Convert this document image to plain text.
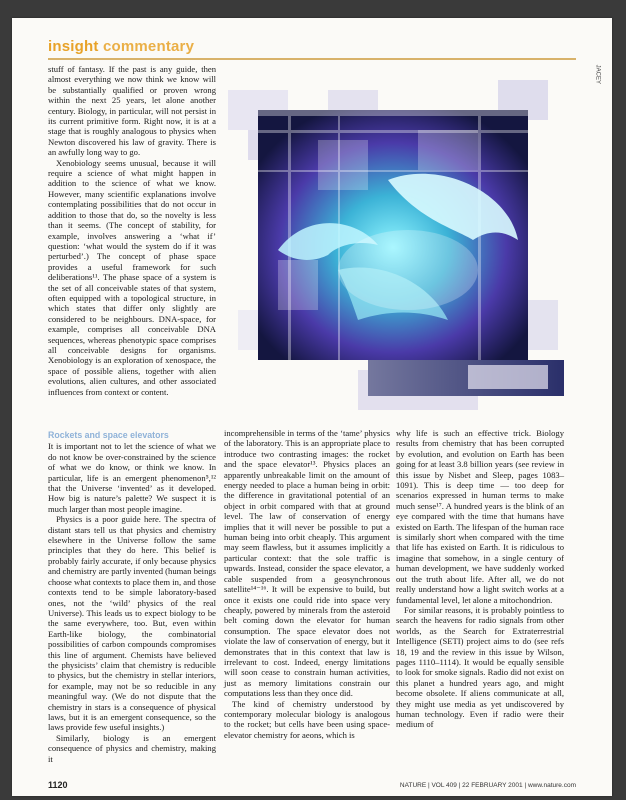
insight commentary
JACEY

stuff of fantasy. If the past is any guide, then almost everything we now think we know will be substantially qualified or proven wrong within the next 25 years, let alone another century. Biology, in particular, will not persist in its current primitive form. Right now, it is at a stage that is roughly analogous to physics when Newton discovered his law of gravity. There is an awfully long way to go.

Xenobiology seems unusual, because it will require a science of what might happen in addition to the science of what we know. However, many scientific explanations involve contemplating possibilities that do not occur in addition to those that do, so the novelty is less than it seems. (The concept of stability, for example, involves answering a ‘what if’ question: ‘what would the system do if it was perturbed’.) The concept of phase space provides a useful framework for such deliberations¹¹. The phase space of a system is the set of all conceivable states of that system, often equipped with a topological structure, in which states that differ only slightly are considered to be neighbours. DNA-space, for example, comprises all conceivable DNA sequences, whereas phenotypic space comprises all conceivable designs for organisms. Xenobiology is an exploration of xenospace, the space of possible aliens, together with alien evolutions, alien cultures, and other associated influences from context or content.

Rockets and space elevators

It is important not to let the science of what we do not know be over-constrained by the science of what we do know, or think we know. In particular, life is an emergent phenomenon⁵,¹² that the Universe ‘invented’ as it developed. How big is nature’s palette? We suspect it is much larger than most people imagine.

Physics is a poor guide here. The spectra of distant stars tell us that physics and chemistry elsewhere in the Universe follow the same principles that they do here. This belief is probably fairly accurate, if only because physics and chemistry are partly invented (human beings choose what contexts to place them in, and those contexts tend to be simple laboratory-based ones, not the ‘wild’ physics of the real Universe). This leads us to expect biology to be the same everywhere, too. But, even within Earth-like biology, the combinatorial possibilities of carbon compounds compromises this line of argument. Chemists have believed the physicists’ claim that chemistry is reducible to physics, but the chemistry in stellar interiors, for example, may not be so reducible in any meaningful way. (We do not dispute that the chemistry in stars is a consequence of physical laws, but it is an emergent consequence, so the laws provide few useful insights.)

Similarly, biology is an emergent consequence of physics and chemistry, making it

incomprehensible in terms of the ‘tame’ physics of the laboratory. This is an appropriate place to introduce two contrasting images: the rocket and the space elevator¹³. Physics places an apparently unbreakable limit on the amount of energy needed to place a human being in orbit: the difference in gravitational potential of an object in orbit compared with that at ground level. The law of conservation of energy implies that it will never be possible to put a human being into orbit cheaply. This argument may seem flawless, but it assumes implicitly a particular context: that the sole traffic is upwards. Instead, consider the space elevator, a cable suspended from a geosynchronous satellite¹⁴⁻¹⁶. It will be expensive to build, but once it exists one could ride into space very cheaply, powered by minerals from the asteroid belt coming down the elevator for human consumption. The space elevator does not violate the law of conservation of energy, but it demonstrates that in this context that law is irrelevant to cost. Indeed, energy limitations will soon cease to constrain human activities, just as memory limitations constrain our computations less than they once did.

The kind of chemistry understood by contemporary molecular biology is analogous to the rocket; but cells have been using space-elevator chemistry for aeons, which is

why life is such an effective trick. Biology results from chemistry that has been corrupted by evolution, and evolution on Earth has been going for at least 3.8 billion years (see review in this issue by Nisbet and Sleep, pages 1083–1091). This is deep time — too deep for scenarios expressed in human terms to make much sense¹⁷. A hundred years is the blink of an eye compared with the time that humans have existed on Earth. The lifespan of the human race is similarly short when compared with the time that life has existed on Earth. It is ridiculous to imagine that somehow, in a single century of human development, we have suddenly worked out the truth about life. After all, we do not really understand how a light switch works at a fundamental level, let alone a mitochondrion.

For similar reasons, it is probably pointless to search the heavens for radio signals from other worlds, as the Search for Extraterrestrial Intelligence (SETI) project aims to do (see refs 18, 19 and the review in this issue by Wilson, pages 1110–1114). It would be equally sensible to look for smoke signals. Radio did not exist on this planet a hundred years ago, and might become obsolete. If aliens communicate at all, they might use media as yet undiscovered by human technology. Even if radio were their medium of

1120	NATURE | VOL 409 | 22 FEBRUARY 2001 | www.nature.com
